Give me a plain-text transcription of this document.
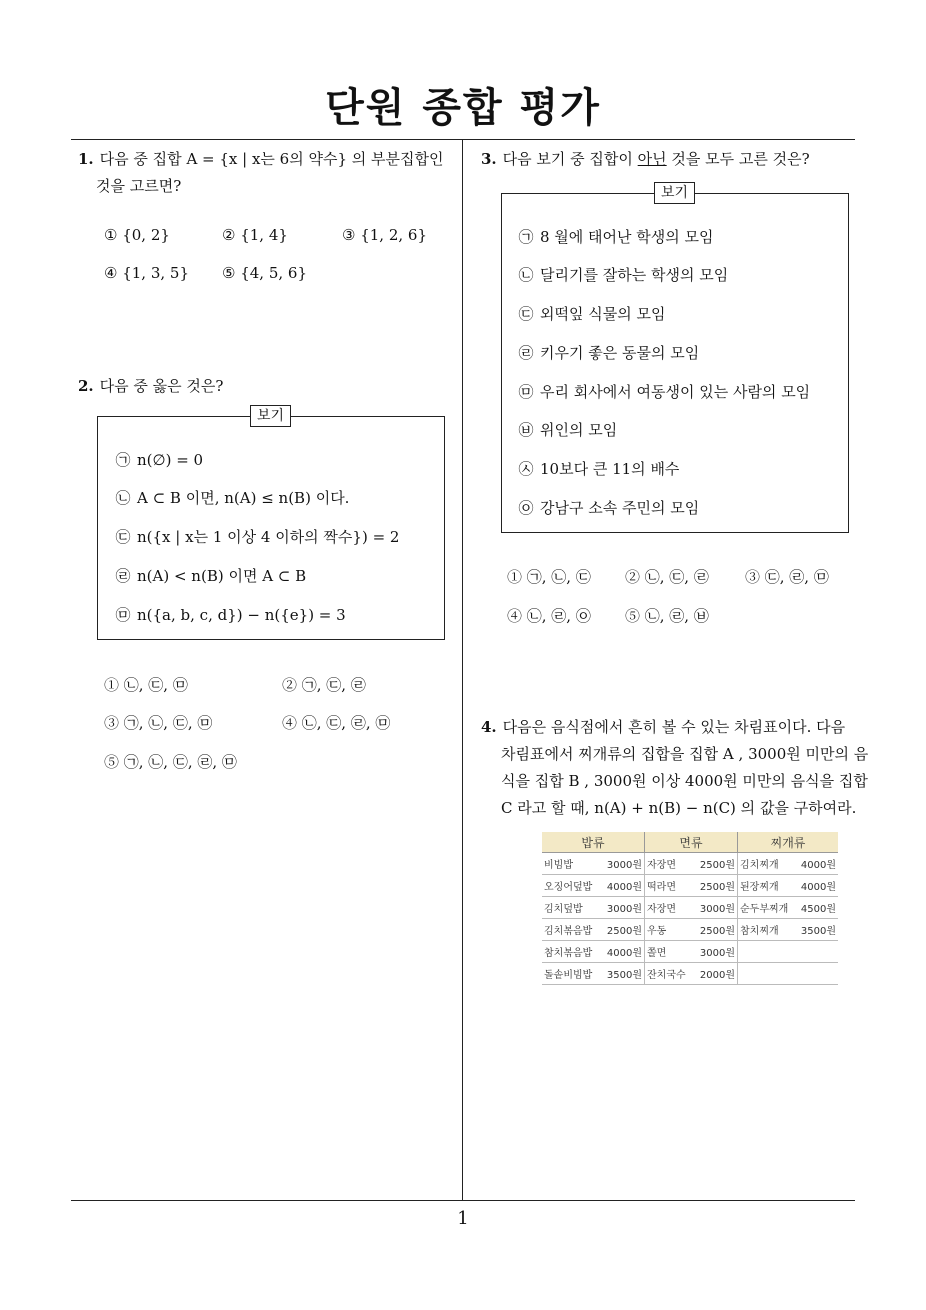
단원 종합 평가
1
1. 다음 중 집합 A = {x | x는 6의 약수} 의 부분집합인
것을 고르면?
① {0, 2}	② {1, 4}	③ {1, 2, 6}
④ {1, 3, 5} ⑤ {4, 5, 6}
2. 다음 중 옳은 것은?
보기
㉠ n(∅) = 0
㉡ A ⊂ B 이면, n(A) ≤ n(B) 이다.
㉢ n({x | x는 1 이상 4 이하의 짝수}) = 2
㉣ n(A) < n(B) 이면 A ⊂ B
㉤ n({a, b, c, d}) − n({e}) = 3
① ㉡, ㉢, ㉤	② ㉠, ㉢, ㉣
③ ㉠, ㉡, ㉢, ㉤	④ ㉡, ㉢, ㉣, ㉤
⑤ ㉠, ㉡, ㉢, ㉣, ㉤
3. 다음 보기 중 집합이 아닌 것을 모두 고른 것은?
보기
㉠ 8 월에 태어난 학생의 모임
㉡ 달리기를 잘하는 학생의 모임
㉢ 외떡잎 식물의 모임
㉣ 키우기 좋은 동물의 모임
㉤ 우리 회사에서 여동생이 있는 사람의 모임
㉥ 위인의 모임
㉦ 10보다 큰 11의 배수
㉧ 강남구 소속 주민의 모임
① ㉠, ㉡, ㉢ ② ㉡, ㉢, ㉣ ③ ㉢, ㉣, ㉤
④ ㉡, ㉣, ㉧ ⑤ ㉡, ㉣, ㉥
4. 다음은 음식점에서 흔히 볼 수 있는 차림표이다. 다음
차림표에서 찌개류의 집합을 집합 A , 3000원 미만의 음
식을 집합 B , 3000원 이상 4000원 미만의 음식을 집합
C 라고 할 때, n(A) + n(B) − n(C) 의 값을 구하여라.
밥류		면류		찌개류	
비빔밥	3000원	자장면	2500원	김치찌개	4000원
오징어덮밥	4000원	떡라면	2500원	된장찌개	4000원
김치덮밥	3000원	자장면	3000원	순두부찌개	4500원
김치볶음밥	2500원	우동	2500원	참치찌개	3500원
참치볶음밥	4000원	쫄면	3000원		
돌솥비빔밥	3500원	잔치국수	2000원		
